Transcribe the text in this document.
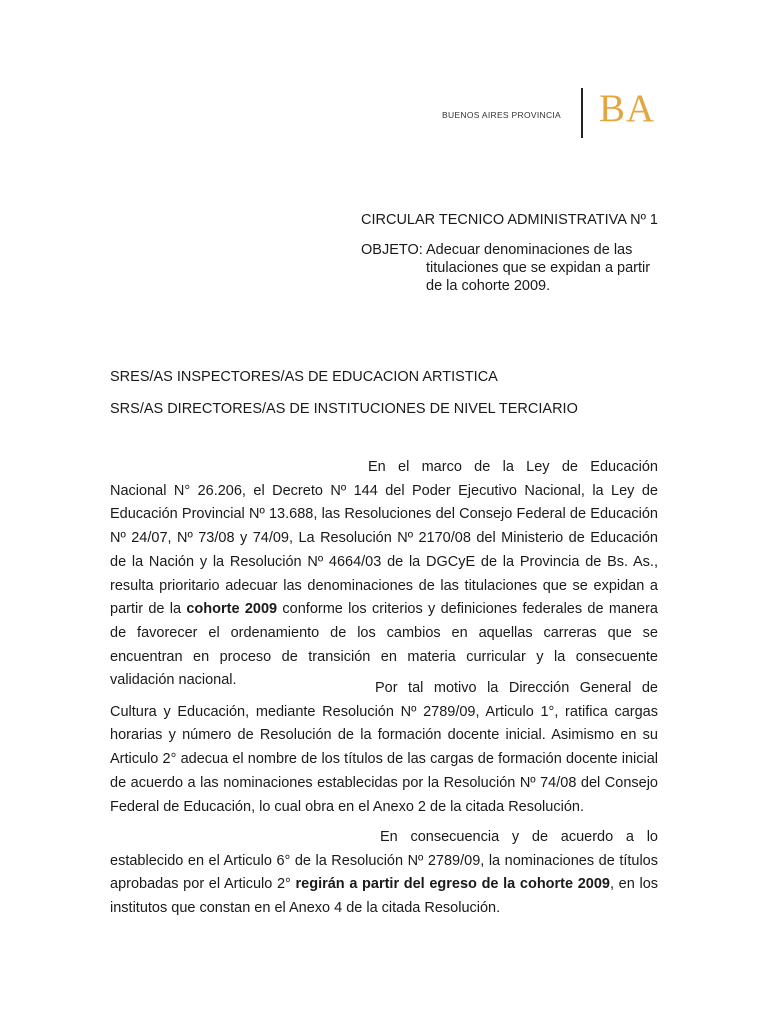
BUENOS AIRES PROVINCIA BA
CIRCULAR TECNICO ADMINISTRATIVA Nº 1
OBJETO: Adecuar denominaciones de las
titulaciones que se expidan a partir
de la cohorte 2009.
SRES/AS INSPECTORES/AS DE EDUCACION ARTISTICA
SRS/AS DIRECTORES/AS DE INSTITUCIONES DE NIVEL TERCIARIO

En el marco de la Ley de Educación Nacional N° 26.206, el Decreto Nº 144 del Poder Ejecutivo Nacional, la Ley de Educación Provincial Nº 13.688, las Resoluciones del Consejo Federal de Educación Nº 24/07, Nº 73/08 y 74/09, La Resolución Nº 2170/08 del Ministerio de Educación de la Nación y la Resolución Nº 4664/03 de la DGCyE de la Provincia de Bs. As., resulta prioritario adecuar las denominaciones de las titulaciones que se expidan a partir de la cohorte 2009 conforme los criterios y definiciones federales de manera de favorecer el ordenamiento de los cambios en aquellas carreras que se encuentran en proceso de transición en materia curricular y la consecuente validación nacional.	Por tal motivo la Dirección General de Cultura y Educación, mediante Resolución Nº 2789/09, Articulo 1°, ratifica cargas horarias y número de Resolución de la formación docente inicial. Asimismo en su Articulo 2° adecua el nombre de los títulos de las cargas de formación docente inicial de acuerdo a las nominaciones establecidas por la Resolución Nº 74/08 del Consejo Federal de Educación, lo cual obra en el Anexo 2 de la citada Resolución.

En consecuencia y de acuerdo a lo establecido en el Articulo 6° de la Resolución Nº 2789/09, la nominaciones de títulos aprobadas por el Articulo 2° regirán a partir del egreso de la cohorte 2009, en los institutos que constan en el Anexo 4 de la citada Resolución.
